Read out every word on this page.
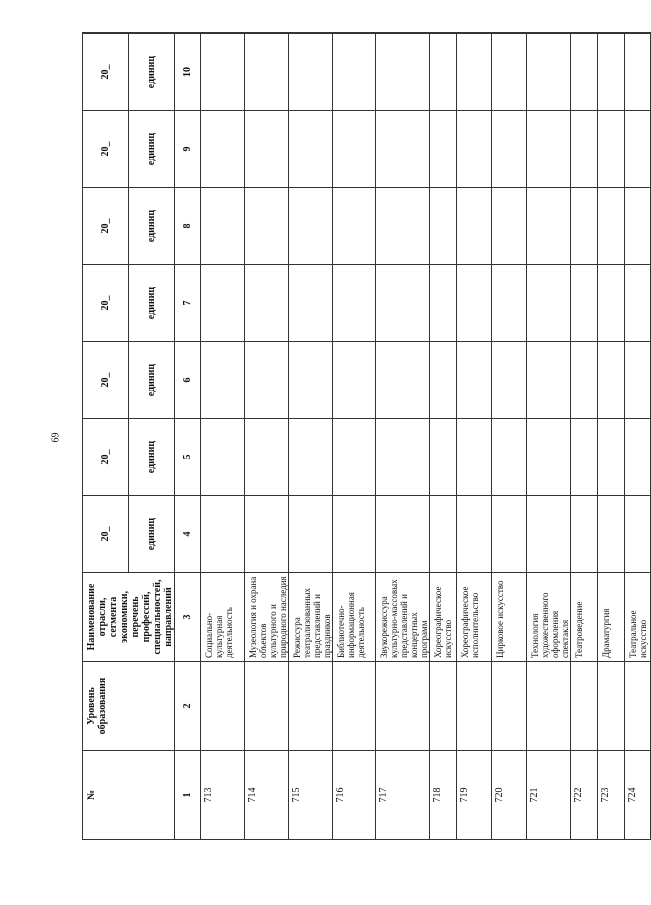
69
№	Уровень образования	Наименование отрасли, сегмента экономики, перечень профессий, специальностей, направлений	20_	20_	20_	20_	20_	20_	20_	
			единиц	единиц	единиц	единиц	единиц	единиц	единиц	
1	2	3	4	5	6	7	8	9	10	
713		Социально-культурная деятельность								
714		Музеология и охрана объектов культурного и природного наследия								
715		Режиссура театрализованных представлений и праздников								
716		Библиотечно-информационная деятельность								
717		Звукорежиссура культурно-массовых представлений и концертных программ								
718		Хореографическое искусство								
719		Хореографическое исполнительство								
720		Цирковое искусство								
721		Технология художественного оформления спектакля								
722		Театроведение								
723		Драматургия								
724		Театральное искусство								
